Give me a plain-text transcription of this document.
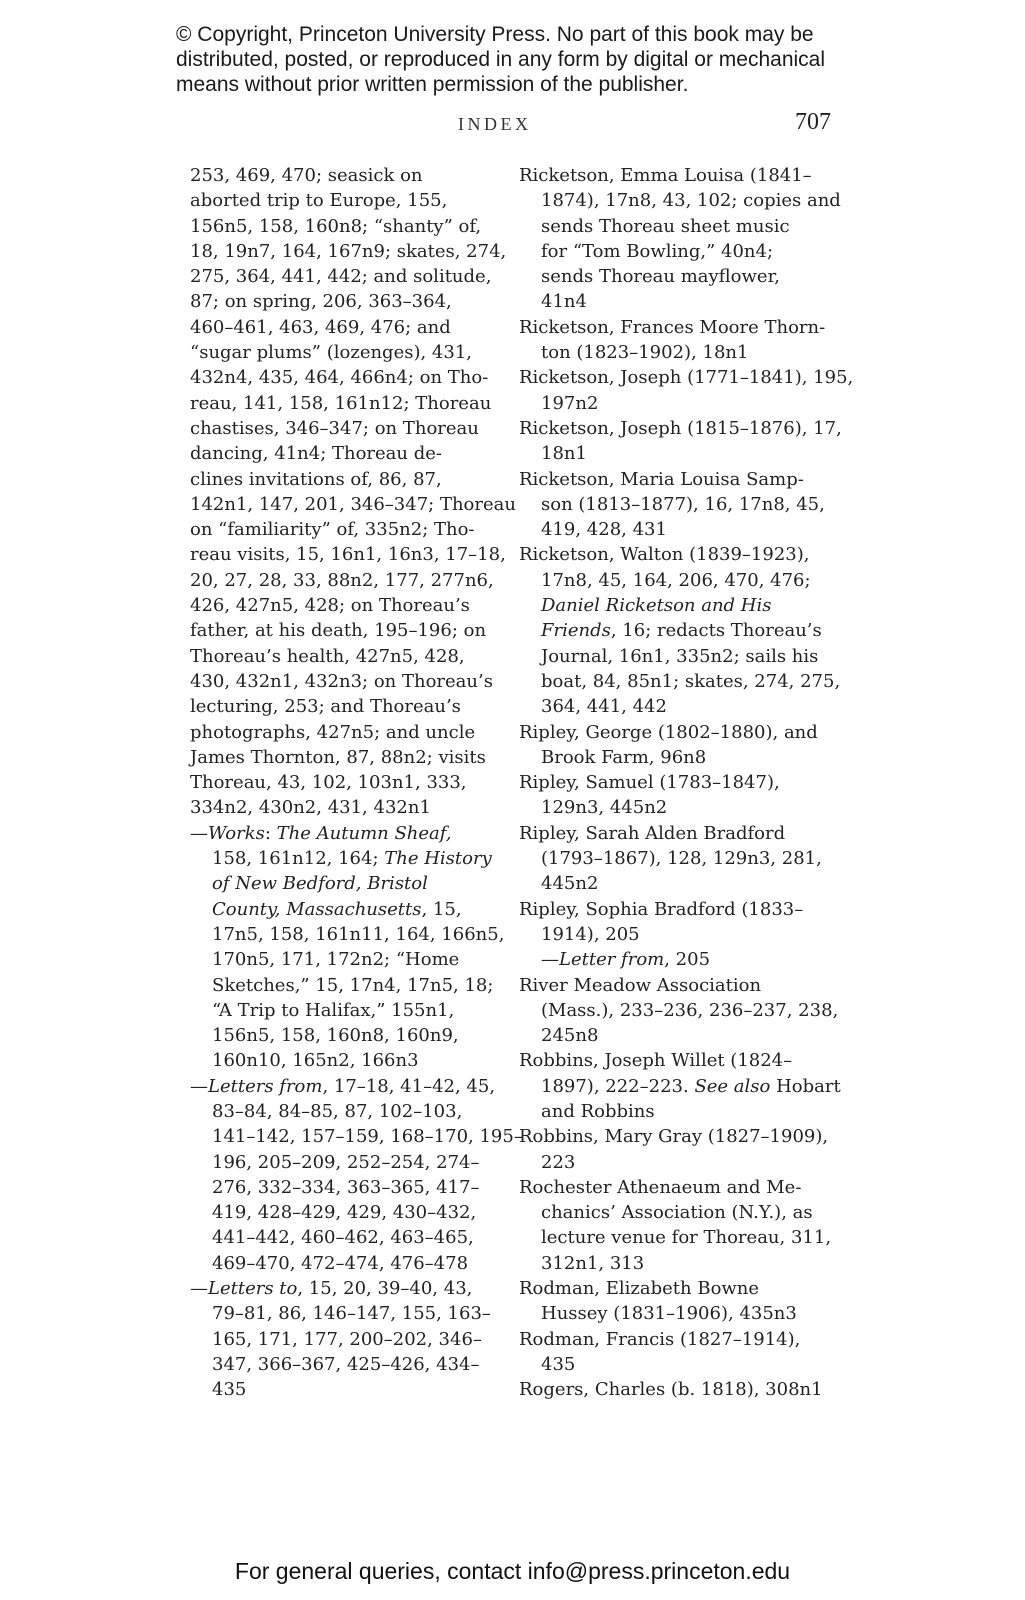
© Copyright, Princeton University Press. No part of this book may be
distributed, posted, or reproduced in any form by digital or mechanical
means without prior written permission of the publisher.
INDEX	707
253, 469, 470; seasick on
aborted trip to Europe, 155,
156n5, 158, 160n8; “shanty” of,
18, 19n7, 164, 167n9; skates, 274,
275, 364, 441, 442; and solitude,
87; on spring, 206, 363–364,
460–461, 463, 469, 476; and
“sugar plums” (lozenges), 431,
432n4, 435, 464, 466n4; on Tho-
reau, 141, 158, 161n12; Thoreau
chastises, 346–347; on Thoreau
dancing, 41n4; Thoreau de-
clines invitations of, 86, 87,
142n1, 147, 201, 346–347; Thoreau
on “familiarity” of, 335n2; Tho-
reau visits, 15, 16n1, 16n3, 17–18,
20, 27, 28, 33, 88n2, 177, 277n6,
426, 427n5, 428; on Thoreau’s
father, at his death, 195–196; on
Thoreau’s health, 427n5, 428,
430, 432n1, 432n3; on Thoreau’s
lecturing, 253; and Thoreau’s
photographs, 427n5; and uncle
James Thornton, 87, 88n2; visits
Thoreau, 43, 102, 103n1, 333,
334n2, 430n2, 431, 432n1
—Works: The Autumn Sheaf,
158, 161n12, 164; The History
of New Bedford, Bristol
County, Massachusetts, 15,
17n5, 158, 161n11, 164, 166n5,
170n5, 171, 172n2; “Home
Sketches,” 15, 17n4, 17n5, 18;
“A Trip to Halifax,” 155n1,
156n5, 158, 160n8, 160n9,
160n10, 165n2, 166n3
—Letters from, 17–18, 41–42, 45,
83–84, 84–85, 87, 102–103,
141–142, 157–159, 168–170, 195–
196, 205–209, 252–254, 274–
276, 332–334, 363–365, 417–
419, 428–429, 429, 430–432,
441–442, 460–462, 463–465,
469–470, 472–474, 476–478
—Letters to, 15, 20, 39–40, 43,
79–81, 86, 146–147, 155, 163–
165, 171, 177, 200–202, 346–
347, 366–367, 425–426, 434–
435
Ricketson, Emma Louisa (1841–
1874), 17n8, 43, 102; copies and
sends Thoreau sheet music
for “Tom Bowling,” 40n4;
sends Thoreau mayflower,
41n4
Ricketson, Frances Moore Thorn-
ton (1823–1902), 18n1
Ricketson, Joseph (1771–1841), 195,
197n2
Ricketson, Joseph (1815–1876), 17,
18n1
Ricketson, Maria Louisa Samp-
son (1813–1877), 16, 17n8, 45,
419, 428, 431
Ricketson, Walton (1839–1923),
17n8, 45, 164, 206, 470, 476;
Daniel Ricketson and His
Friends, 16; redacts Thoreau’s
Journal, 16n1, 335n2; sails his
boat, 84, 85n1; skates, 274, 275,
364, 441, 442
Ripley, George (1802–1880), and
Brook Farm, 96n8
Ripley, Samuel (1783–1847),
129n3, 445n2
Ripley, Sarah Alden Bradford
(1793–1867), 128, 129n3, 281,
445n2
Ripley, Sophia Bradford (1833–
1914), 205
—Letter from, 205
River Meadow Association
(Mass.), 233–236, 236–237, 238,
245n8
Robbins, Joseph Willet (1824–
1897), 222–223. See also Hobart
and Robbins
Robbins, Mary Gray (1827–1909),
223
Rochester Athenaeum and Me-
chanics’ Association (N.Y.), as
lecture venue for Thoreau, 311,
312n1, 313
Rodman, Elizabeth Bowne
Hussey (1831–1906), 435n3
Rodman, Francis (1827–1914),
435
Rogers, Charles (b. 1818), 308n1
For general queries, contact info@press.princeton.edu
